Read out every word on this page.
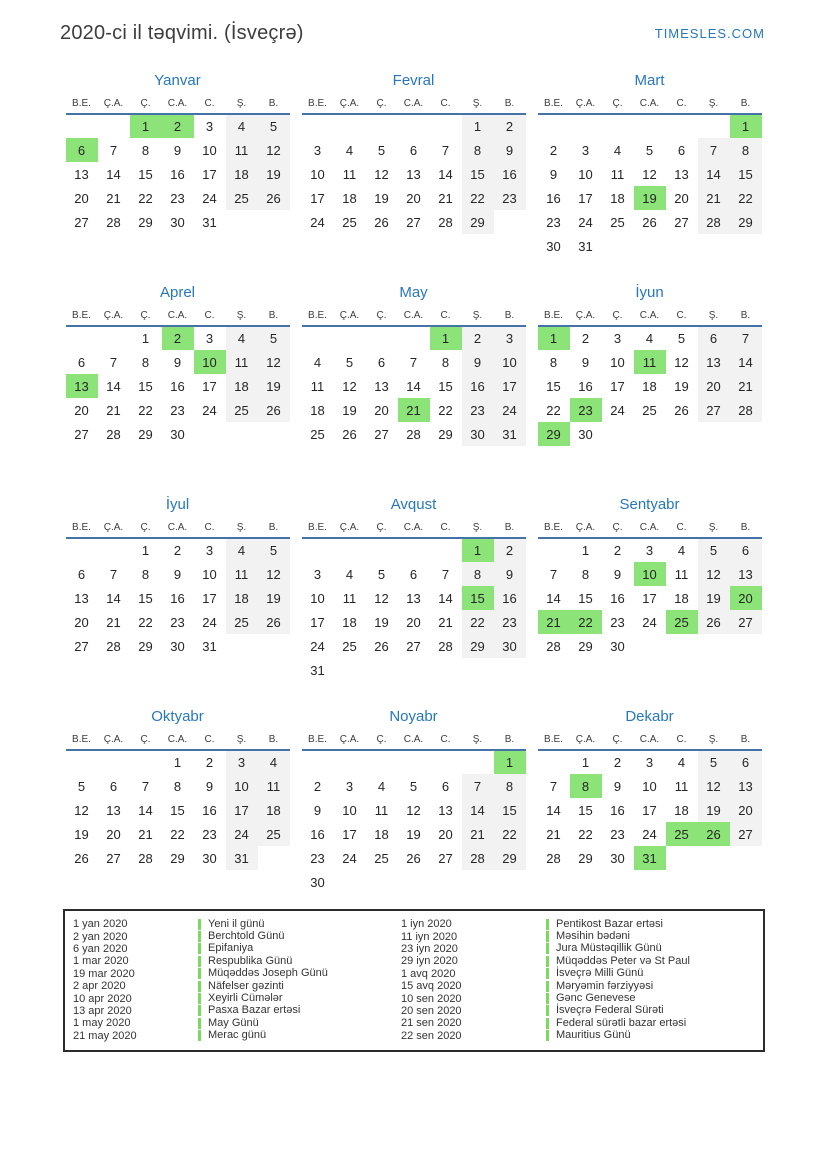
2020-ci il təqvimi. (İsveçrə)	TIMESLES.COM
Yanvar
B.E.	Ç.A.	Ç.	C.A.	C.	Ş.	B.
		1	2	3	4	5
6	7	8	9	10	11	12
13	14	15	16	17	18	19
20	21	22	23	24	25	26
27	28	29	30	31		
Fevral
B.E.	Ç.A.	Ç.	C.A.	C.	Ş.	B.
					1	2
3	4	5	6	7	8	9
10	11	12	13	14	15	16
17	18	19	20	21	22	23
24	25	26	27	28	29	
Mart
B.E.	Ç.A.	Ç.	C.A.	C.	Ş.	B.
						1
2	3	4	5	6	7	8
9	10	11	12	13	14	15
16	17	18	19	20	21	22
23	24	25	26	27	28	29
30	31					
Aprel
B.E.	Ç.A.	Ç.	C.A.	C.	Ş.	B.
		1	2	3	4	5
6	7	8	9	10	11	12
13	14	15	16	17	18	19
20	21	22	23	24	25	26
27	28	29	30			
May
B.E.	Ç.A.	Ç.	C.A.	C.	Ş.	B.
				1	2	3
4	5	6	7	8	9	10
11	12	13	14	15	16	17
18	19	20	21	22	23	24
25	26	27	28	29	30	31
İyun
B.E.	Ç.A.	Ç.	C.A.	C.	Ş.	B.
1	2	3	4	5	6	7
8	9	10	11	12	13	14
15	16	17	18	19	20	21
22	23	24	25	26	27	28
29	30					
İyul
B.E.	Ç.A.	Ç.	C.A.	C.	Ş.	B.
		1	2	3	4	5
6	7	8	9	10	11	12
13	14	15	16	17	18	19
20	21	22	23	24	25	26
27	28	29	30	31		
Avqust
B.E.	Ç.A.	Ç.	C.A.	C.	Ş.	B.
					1	2
3	4	5	6	7	8	9
10	11	12	13	14	15	16
17	18	19	20	21	22	23
24	25	26	27	28	29	30
31						
Sentyabr
B.E.	Ç.A.	Ç.	C.A.	C.	Ş.	B.
	1	2	3	4	5	6
7	8	9	10	11	12	13
14	15	16	17	18	19	20
21	22	23	24	25	26	27
28	29	30				
Oktyabr
B.E.	Ç.A.	Ç.	C.A.	C.	Ş.	B.
			1	2	3	4
5	6	7	8	9	10	11
12	13	14	15	16	17	18
19	20	21	22	23	24	25
26	27	28	29	30	31	
Noyabr
B.E.	Ç.A.	Ç.	C.A.	C.	Ş.	B.
						1
2	3	4	5	6	7	8
9	10	11	12	13	14	15
16	17	18	19	20	21	22
23	24	25	26	27	28	29
30						
Dekabr
B.E.	Ç.A.	Ç.	C.A.	C.	Ş.	B.
	1	2	3	4	5	6
7	8	9	10	11	12	13
14	15	16	17	18	19	20
21	22	23	24	25	26	27
28	29	30	31			
1 yan 2020	Yeni il günü	1 iyn 2020	Pentikost Bazar ertəsi
2 yan 2020	Berchtold Günü	11 iyn 2020	Məsihin bədəni
6 yan 2020	Epifaniya	23 iyn 2020	Jura Müstəqillik Günü
1 mar 2020	Respublika Günü	29 iyn 2020	Müqəddəs Peter və St Paul
19 mar 2020	Müqəddəs Joseph Günü	1 avq 2020	İsveçrə Milli Günü
2 apr 2020	Näfelser gəzinti	15 avq 2020	Məryəmin fərziyyəsi
10 apr 2020	Xeyirli Cümələr	10 sen 2020	Gənc Genevese
13 apr 2020	Pasxa Bazar ertəsi	20 sen 2020	İsveçrə Federal Sürəti
1 may 2020	May Günü	21 sen 2020	Federal sürətli bazar ertəsi
21 may 2020	Merac günü	22 sen 2020	Mauritius Günü
